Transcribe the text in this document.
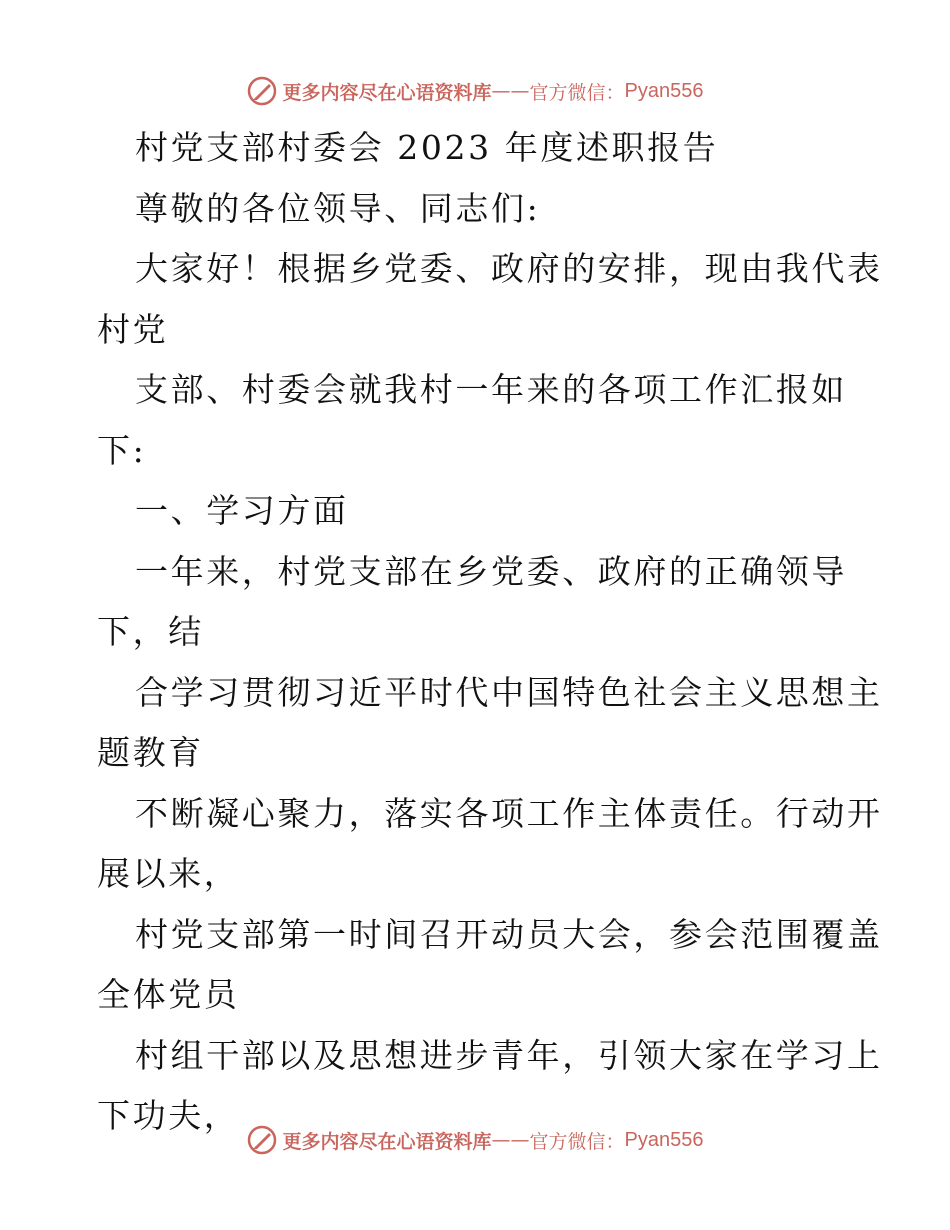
更多内容尽在心语资料库 —— 官方微信： Pyan556
村党支部村委会 2023 年度述职报告
尊敬的各位领导、同志们:
大家好！根据乡党委、政府的安排，现由我代表
村党
支部、村委会就我村一年来的各项工作汇报如
下:
一、学习方面
一年来，村党支部在乡党委、政府的正确领导
下，结
合学习贯彻习近平时代中国特色社会主义思想主
题教育
不断凝心聚力，落实各项工作主体责任。行动开
展以来，
村党支部第一时间召开动员大会，参会范围覆盖
全体党员
村组干部以及思想进步青年，引领大家在学习上
下功夫，
更多内容尽在心语资料库 —— 官方微信： Pyan556
